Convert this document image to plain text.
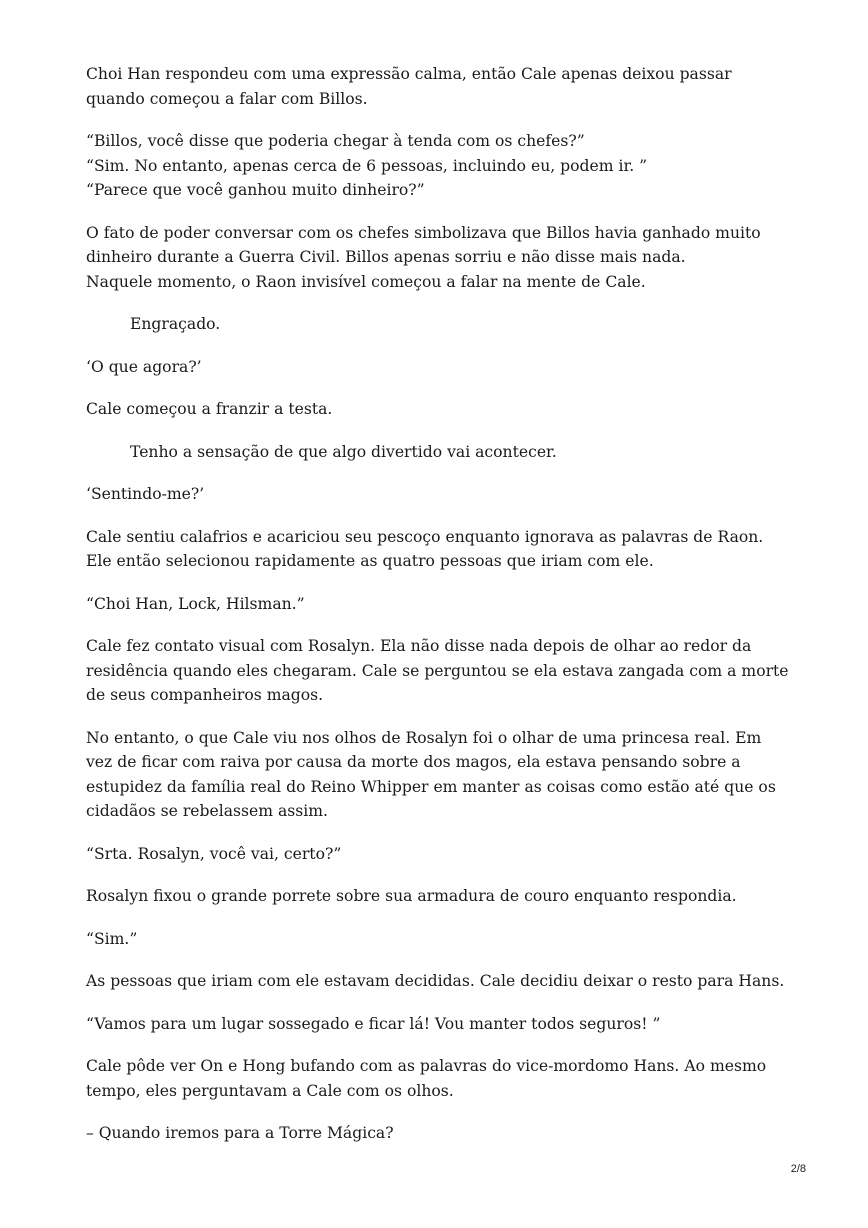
Choi Han respondeu com uma expressão calma, então Cale apenas deixou passar
quando começou a falar com Billos.

“Billos, você disse que poderia chegar à tenda com os chefes?”
“Sim. No entanto, apenas cerca de 6 pessoas, incluindo eu, podem ir. ”
“Parece que você ganhou muito dinheiro?”

O fato de poder conversar com os chefes simbolizava que Billos havia ganhado muito
dinheiro durante a Guerra Civil. Billos apenas sorriu e não disse mais nada.
Naquele momento, o Raon invisível começou a falar na mente de Cale.

Engraçado.

‘O que agora?’

Cale começou a franzir a testa.

Tenho a sensação de que algo divertido vai acontecer.

‘Sentindo-me?’

Cale sentiu calafrios e acariciou seu pescoço enquanto ignorava as palavras de Raon.
Ele então selecionou rapidamente as quatro pessoas que iriam com ele.

“Choi Han, Lock, Hilsman.”

Cale fez contato visual com Rosalyn. Ela não disse nada depois de olhar ao redor da
residência quando eles chegaram. Cale se perguntou se ela estava zangada com a morte
de seus companheiros magos.

No entanto, o que Cale viu nos olhos de Rosalyn foi o olhar de uma princesa real. Em
vez de ficar com raiva por causa da morte dos magos, ela estava pensando sobre a
estupidez da família real do Reino Whipper em manter as coisas como estão até que os
cidadãos se rebelassem assim.

“Srta. Rosalyn, você vai, certo?”

Rosalyn fixou o grande porrete sobre sua armadura de couro enquanto respondia.

“Sim.”

As pessoas que iriam com ele estavam decididas. Cale decidiu deixar o resto para Hans.

“Vamos para um lugar sossegado e ficar lá! Vou manter todos seguros! ”

Cale pôde ver On e Hong bufando com as palavras do vice-mordomo Hans. Ao mesmo
tempo, eles perguntavam a Cale com os olhos.

– Quando iremos para a Torre Mágica?

2/8
